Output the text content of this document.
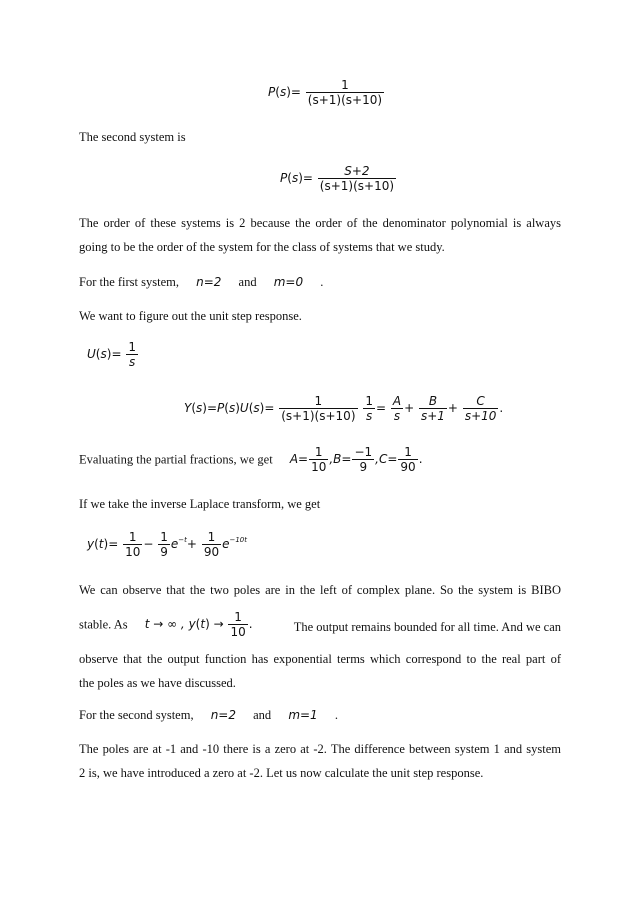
$P(s)= \frac{1}{(s+1)(s+10)}$
The second system is
$P(s)= \frac{S+2}{(s+1)(s+10)}$
The order of these systems is 2 because the order of the denominator polynomial is always
going to be the order of the system for the class of systems that we study.
For the first system, n=2 and m=0 .
We want to figure out the unit step response.
$U(s)= \frac{1}{s}$
$Y(s)=P(s)U(s)= \frac{1}{(s+1)(s+10)}$
$\frac{1}{s} = \frac{A}{s} + \frac{B}{s+1} + \frac{C}{s+10}$ .
Evaluating the partial fractions, we get $A= \frac{1}{10} ,B= \frac{-1}{9} ,C= \frac{1}{90}$ .
If we take the inverse Laplace transform, we get
$y(t)= \frac{1}{10} - \frac{1}{9} e^{-t}+ \frac{1}{90} e^{-10t}$
We can observe that the two poles are in the left of complex plane. So the system is BIBO
stable. As t → ∞ , $y(t) \to \frac{1}{10}$ .	The output remains bounded for all time. And we can
observe that the output function has exponential terms which correspond to the real part of
the poles as we have discussed.
For the second system, n=2 and m=1 .
The poles are at -1 and -10 there is a zero at -2. The difference between system 1 and system
2 is, we have introduced a zero at -2. Let us now calculate the unit step response.
